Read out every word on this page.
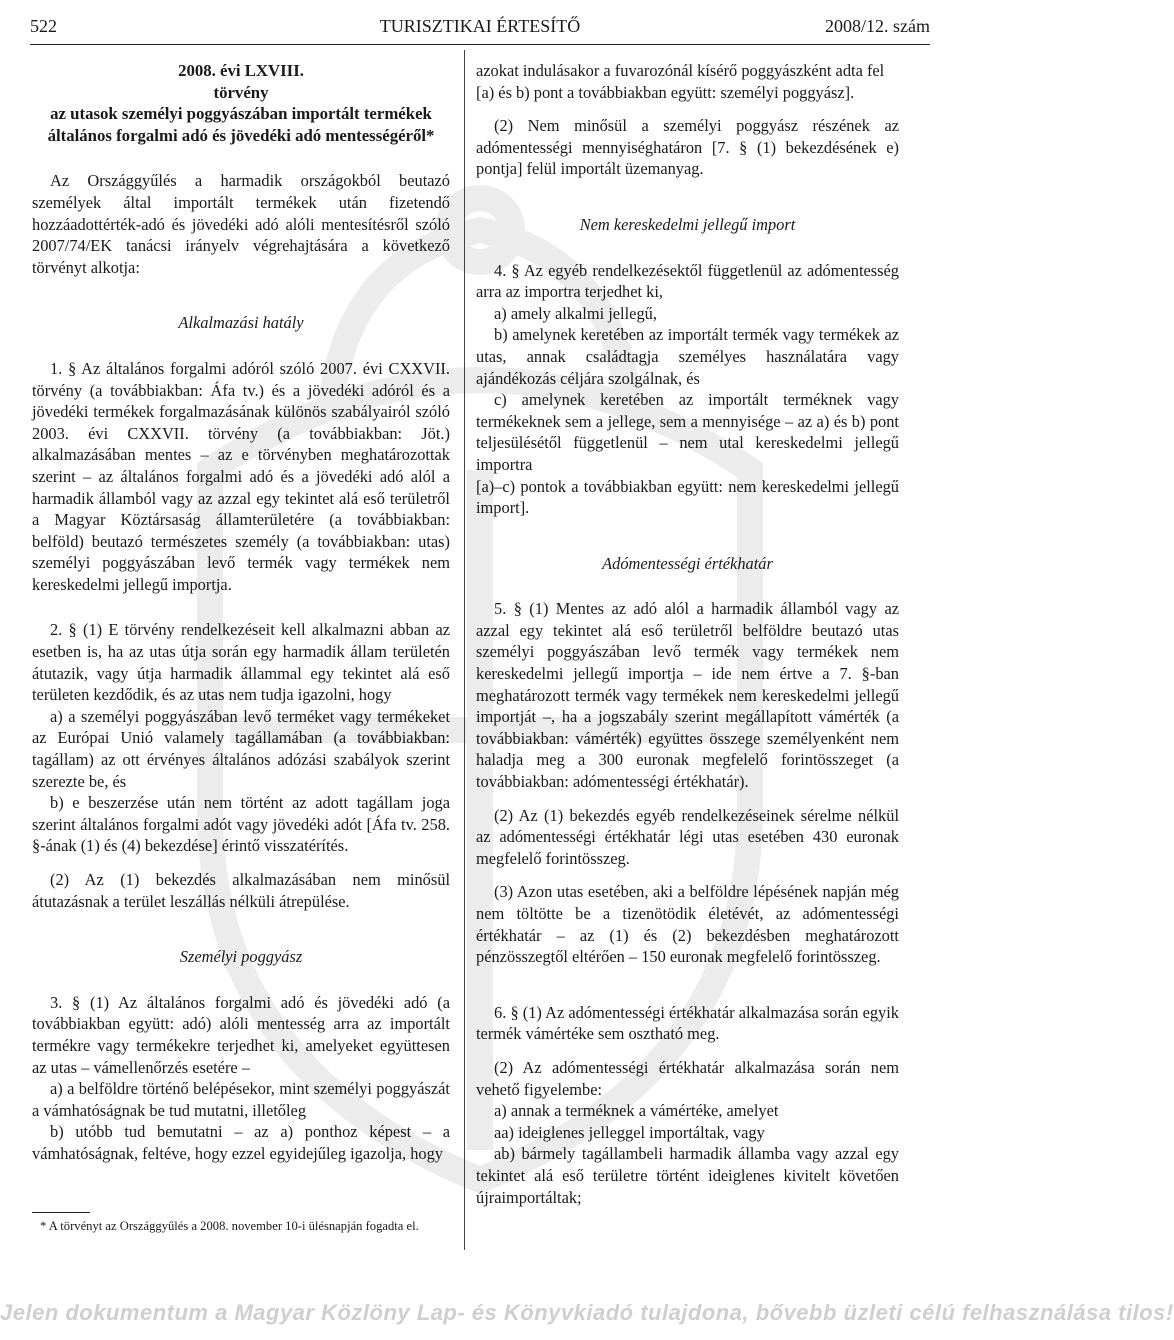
522	TURISZTIKAI ÉRTESÍTŐ	2008/12. szám

2008. évi LXVIII.

törvény

az utasok személyi poggyászában importált termékek

általános forgalmi adó és jövedéki adó mentességéről*

Az Országgyűlés a harmadik országokból beutazó személyek által importált termékek után fizetendő hozzáadottérték-adó és jövedéki adó alóli mentesítésről szóló 2007/74/EK tanácsi irányelv végrehajtására a következő törvényt alkotja:

Alkalmazási hatály

1. § Az általános forgalmi adóról szóló 2007. évi CXXVII. törvény (a továbbiakban: Áfa tv.) és a jövedéki adóról és a jövedéki termékek forgalmazásának különös szabályairól szóló 2003. évi CXXVII. törvény (a továbbiakban: Jöt.) alkalmazásában mentes – az e törvényben meghatározottak szerint – az általános forgalmi adó és a jövedéki adó alól a harmadik államból vagy az azzal egy tekintet alá eső területről a Magyar Köztársaság államterületére (a továbbiakban: belföld) beutazó természetes személy (a továbbiakban: utas) személyi poggyászában levő termék vagy termékek nem kereskedelmi jellegű importja.

2. § (1) E törvény rendelkezéseit kell alkalmazni abban az esetben is, ha az utas útja során egy harmadik állam területén átutazik, vagy útja harmadik állammal egy tekintet alá eső területen kezdődik, és az utas nem tudja igazolni, hogy

a) a személyi poggyászában levő terméket vagy termékeket az Európai Unió valamely tagállamában (a továbbiakban: tagállam) az ott érvényes általános adózási szabályok szerint szerezte be, és

b) e beszerzése után nem történt az adott tagállam joga szerint általános forgalmi adót vagy jövedéki adót [Áfa tv. 258. §-ának (1) és (4) bekezdése] érintő visszatérítés.

(2) Az (1) bekezdés alkalmazásában nem minősül átutazásnak a terület leszállás nélküli átrepülése.

Személyi poggyász

3. § (1) Az általános forgalmi adó és jövedéki adó (a továbbiakban együtt: adó) alóli mentesség arra az importált termékre vagy termékekre terjedhet ki, amelyeket együttesen az utas – vámellenőrzés esetére –

a) a belföldre történő belépésekor, mint személyi poggyászát a vámhatóságnak be tud mutatni, illetőleg

b) utóbb tud bemutatni – az a) ponthoz képest – a vámhatóságnak, feltéve, hogy ezzel egyidejűleg igazolja, hogy

azokat indulásakor a fuvarozónál kísérő poggyászként adta fel

[a) és b) pont a továbbiakban együtt: személyi poggyász].

(2) Nem minősül a személyi poggyász részének az adómentességi mennyiséghatáron [7. § (1) bekezdésének e) pontja] felül importált üzemanyag.

Nem kereskedelmi jellegű import

4. § Az egyéb rendelkezésektől függetlenül az adómentesség arra az importra terjedhet ki,

a) amely alkalmi jellegű,

b) amelynek keretében az importált termék vagy termékek az utas, annak családtagja személyes használatára vagy ajándékozás céljára szolgálnak, és

c) amelynek keretében az importált terméknek vagy termékeknek sem a jellege, sem a mennyisége – az a) és b) pont teljesülésétől függetlenül – nem utal kereskedelmi jellegű importra

[a)–c) pontok a továbbiakban együtt: nem kereskedelmi jellegű import].

Adómentességi értékhatár

5. § (1) Mentes az adó alól a harmadik államból vagy az azzal egy tekintet alá eső területről belföldre beutazó utas személyi poggyászában levő termék vagy termékek nem kereskedelmi jellegű importja – ide nem értve a 7. §-ban meghatározott termék vagy termékek nem kereskedelmi jellegű importját –, ha a jogszabály szerint megállapított vámérték (a továbbiakban: vámérték) együttes összege személyenként nem haladja meg a 300 euronak megfelelő forintösszeget (a továbbiakban: adómentességi értékhatár).

(2) Az (1) bekezdés egyéb rendelkezéseinek sérelme nélkül az adómentességi értékhatár légi utas esetében 430 euronak megfelelő forintösszeg.

(3) Azon utas esetében, aki a belföldre lépésének napján még nem töltötte be a tizenötödik életévét, az adómentességi értékhatár – az (1) és (2) bekezdésben meghatározott pénzösszegtől eltérően – 150 euronak megfelelő forintösszeg.

6. § (1) Az adómentességi értékhatár alkalmazása során egyik termék vámértéke sem osztható meg.

(2) Az adómentességi értékhatár alkalmazása során nem vehető figyelembe:

a) annak a terméknek a vámértéke, amelyet

aa) ideiglenes jelleggel importáltak, vagy

ab) bármely tagállambeli harmadik államba vagy azzal egy tekintet alá eső területre történt ideiglenes kivitelt követően újraimportáltak;

* A törvényt az Országgyűlés a 2008. november 10-i ülésnapján fogadta el.
Jelen dokumentum a Magyar Közlöny Lap- és Könyvkiadó tulajdona, bővebb üzleti célú felhasználása tilos!
